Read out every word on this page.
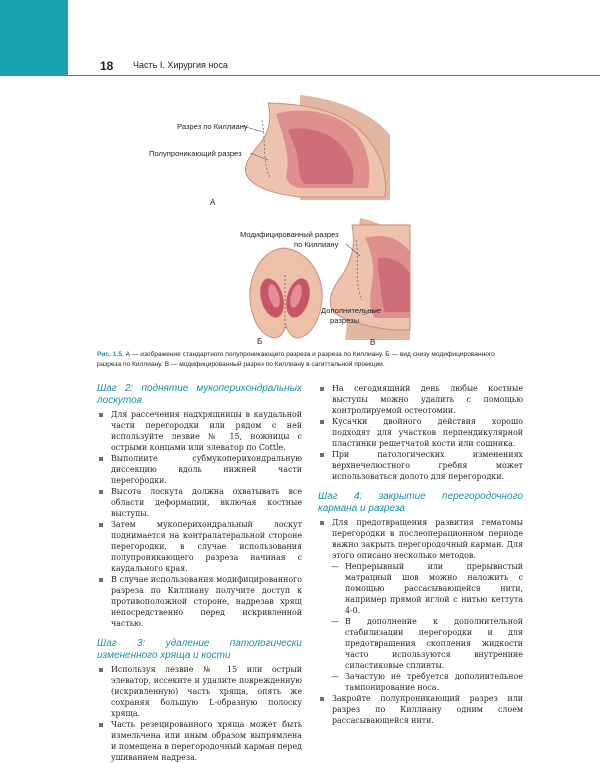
18 Часть I. Хирургия носа
Разрез по Киллиану
Полупроникающий разрез
А
Б
Модифицированный разрез
по Киллиану
Дополнительные
разрезы
В
Рис. 1.5. А — изображение стандартного полупроникающего разреза и разреза по Киллиану. Б — вид снизу модифицированного разреза по Киллиану. В — модифицированный разрез по Киллиану в сагиттальной проекции.
Шаг 2: поднятие мукоперихондральных лоскутов
Для рассечения надхрящницы в каудальной части перегородки или рядом с ней используйте лезвие № 15, ножницы с острыми концами или элеватор по Cottle.
Выполните субмукоперихондральную диссекцию вдоль нижней части перегородки.
Высота лоскута должна охватывать все области деформации, включая костные выступы.
Затем мукоперихондральный лоскут поднимается на контралатеральной стороне перегородки, в случае использования полупроникающего разреза начиная с каудального края.
В случае использования модифицированного разреза по Киллиану получите доступ к противоположной стороне, надрезав хрящ непосредственно перед искривленной частью.
Шаг 3: удаление патологически измененного хряща и кости
Используя лезвие № 15 или острый элеватор, иссеките и удалите поврежденную (искривленную) часть хряща, опять же сохраняя большую L-образную полоску хряща.
Часть резецированного хряща может быть измельчена или иным образом выпрямлена и помещена в перегородочный карман перед ушиванием надреза.
На сегодняшний день любые костные выступы можно удалить с помощью контролируемой остеотомии.
Кусачки двойного действия хорошо подходят для участков перпендикулярной пластинки решетчатой кости или сошника.
При патологических изменениях верхнечелюстного гребня может использоваться долото для перегородки.
Шаг 4: закрытие перегородочного кармана и разреза
Для предотвращения развития гематомы перегородки в послеоперационном периоде важно закрыть перегородочный карман. Для этого описано несколько методов.
— Непрерывный или прерывистый матрацный шов можно наложить с помощью рассасывающейся нити, например прямой иглой с нитью кеттута 4-0.
— В дополнение к дополнительной стабилизации перегородки и для предотвращения скопления жидкости часто используются внутренние силастиковые сплинты.
— Зачастую не требуется дополнительное тампонирование носа.
Закройте полупроникающий разрез или разрез по Киллиану одним слоем рассасывающейся нити.
